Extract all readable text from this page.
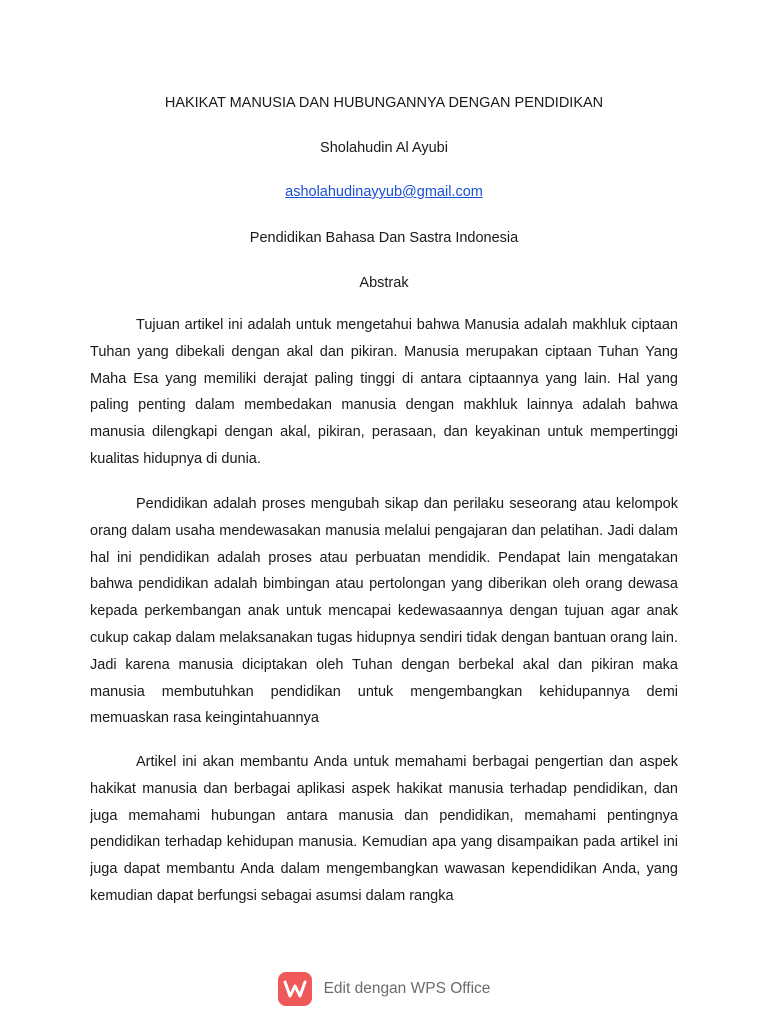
HAKIKAT MANUSIA DAN HUBUNGANNYA DENGAN PENDIDIKAN
Sholahudin Al Ayubi
asholahudinayyub@gmail.com
Pendidikan Bahasa Dan Sastra Indonesia
Abstrak

Tujuan artikel ini adalah untuk mengetahui bahwa Manusia adalah makhluk ciptaan Tuhan yang dibekali dengan akal dan pikiran. Manusia merupakan ciptaan Tuhan Yang Maha Esa yang memiliki derajat paling tinggi di antara ciptaannya yang lain. Hal yang paling penting dalam membedakan manusia dengan makhluk lainnya adalah bahwa manusia dilengkapi dengan akal, pikiran, perasaan, dan keyakinan untuk mempertinggi kualitas hidupnya di dunia.

Pendidikan adalah proses mengubah sikap dan perilaku seseorang atau kelompok orang dalam usaha mendewasakan manusia melalui pengajaran dan pelatihan. Jadi dalam hal ini pendidikan adalah proses atau perbuatan mendidik. Pendapat lain mengatakan bahwa pendidikan adalah bimbingan atau pertolongan yang diberikan oleh orang dewasa kepada perkembangan anak untuk mencapai kedewasaannya dengan tujuan agar anak cukup cakap dalam melaksanakan tugas hidupnya sendiri tidak dengan bantuan orang lain. Jadi karena manusia diciptakan oleh Tuhan dengan berbekal akal dan pikiran maka manusia membutuhkan pendidikan untuk mengembangkan kehidupannya demi memuaskan rasa keingintahuannya

Artikel ini akan membantu Anda untuk memahami berbagai pengertian dan aspek hakikat manusia dan berbagai aplikasi aspek hakikat manusia terhadap pendidikan, dan juga memahami hubungan antara manusia dan pendidikan, memahami pentingnya pendidikan terhadap kehidupan manusia. Kemudian apa yang disampaikan pada artikel ini juga dapat membantu Anda dalam mengembangkan wawasan kependidikan Anda, yang kemudian dapat berfungsi sebagai asumsi dalam rangka

Edit dengan WPS Office
